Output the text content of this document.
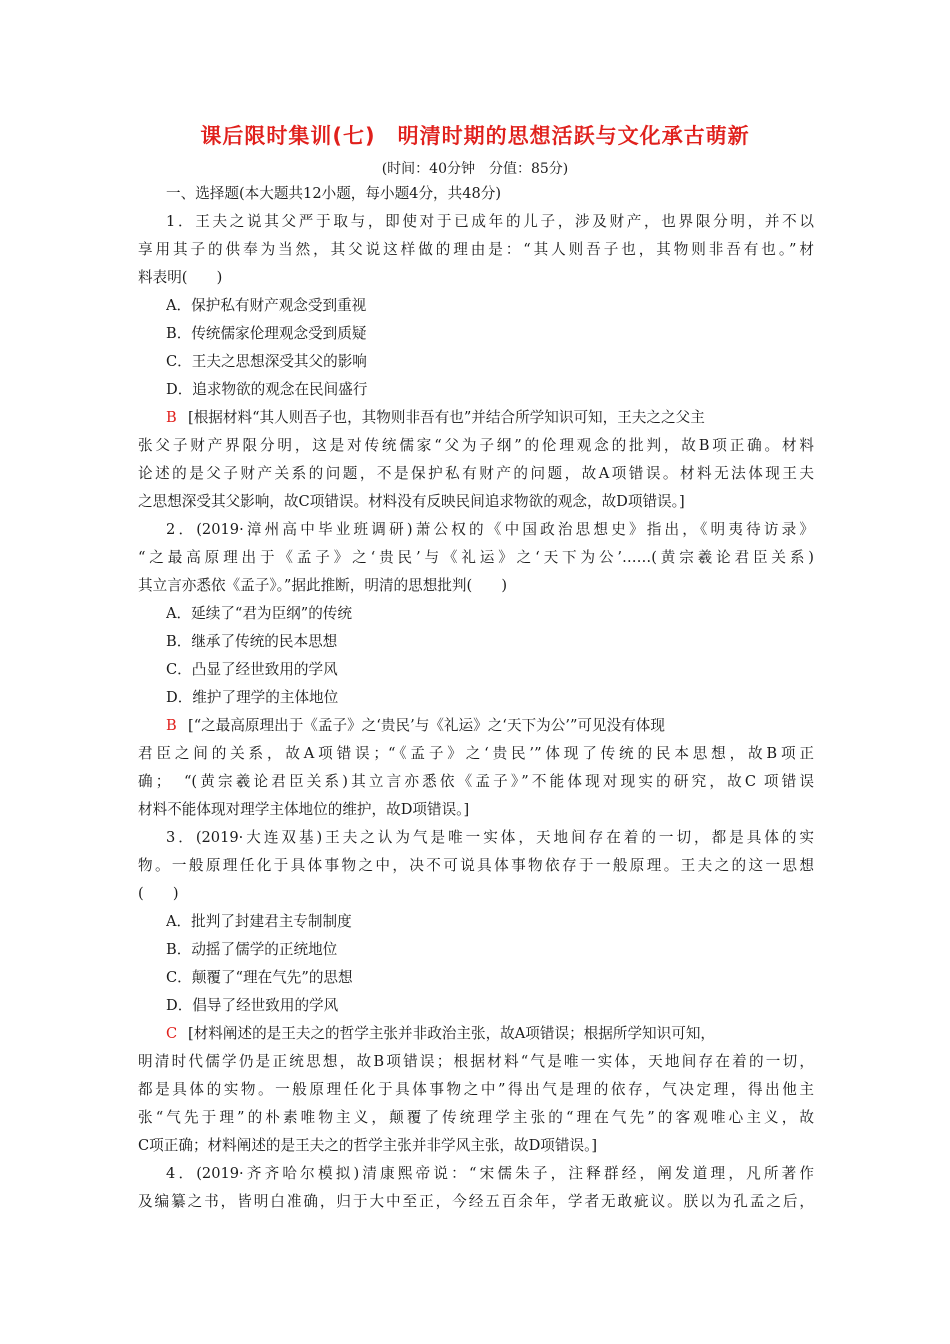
课后限时集训(七) 明清时期的思想活跃与文化承古萌新
(时间：40分钟　分值：85分)
一、选择题(本大题共12小题，每小题4分，共48分)
1．王夫之说其父严于取与，即使对于已成年的儿子，涉及财产，也界限分明，并不以
享用其子的供奉为当然，其父说这样做的理由是：“其人则吾子也，其物则非吾有也。”材
料表明(　　)
A．保护私有财产观念受到重视
B．传统儒家伦理观念受到质疑
C．王夫之思想深受其父的影响
D．追求物欲的观念在民间盛行
B [根据材料“其人则吾子也，其物则非吾有也”并结合所学知识可知，王夫之之父主
张父子财产界限分明，这是对传统儒家“父为子纲”的伦理观念的批判，故B项正确。材料
论述的是父子财产关系的问题，不是保护私有财产的问题，故A项错误。材料无法体现王夫
之思想深受其父影响，故C项错误。材料没有反映民间追求物欲的观念，故D项错误。]
2．(2019·漳州高中毕业班调研)萧公权的《中国政治思想史》指出，《明夷待访录》
“之最高原理出于《孟子》之‘贵民’与《礼运》之‘天下为公’……(黄宗羲论君臣关系)
其立言亦悉依《孟子》。”据此推断，明清的思想批判(　　)
A．延续了“君为臣纲”的传统
B．继承了传统的民本思想
C．凸显了经世致用的学风
D．维护了理学的主体地位
B [“之最高原理出于《孟子》之‘贵民’与《礼运》之‘天下为公’”可见没有体现
君臣之间的关系，故A项错误；“《孟子》之‘贵民’”体现了传统的民本思想，故B项正
确；　“(黄宗羲论君臣关系)其立言亦悉依《孟子》”不能体现对现实的研究，故C 项错误
材料不能体现对理学主体地位的维护，故D项错误。]
3．(2019·大连双基)王夫之认为气是唯一实体，天地间存在着的一切，都是具体的实
物。一般原理任化于具体事物之中，决不可说具体事物依存于一般原理。王夫之的这一思想
(　　)
A．批判了封建君主专制制度
B．动摇了儒学的正统地位
C．颠覆了“理在气先”的思想
D．倡导了经世致用的学风
C [材料阐述的是王夫之的哲学主张并非政治主张，故A项错误；根据所学知识可知，
明清时代儒学仍是正统思想，故B项错误；根据材料“气是唯一实体，天地间存在着的一切，
都是具体的实物。一般原理任化于具体事物之中”得出气是理的依存，气决定理，得出他主
张“气先于理”的朴素唯物主义，颠覆了传统理学主张的“理在气先”的客观唯心主义，故
C项正确；材料阐述的是王夫之的哲学主张并非学风主张，故D项错误。]
4．(2019·齐齐哈尔模拟)清康熙帝说：“宋儒朱子，注释群经，阐发道理，凡所著作
及编纂之书，皆明白准确，归于大中至正，今经五百余年，学者无敢疵议。朕以为孔孟之后，
